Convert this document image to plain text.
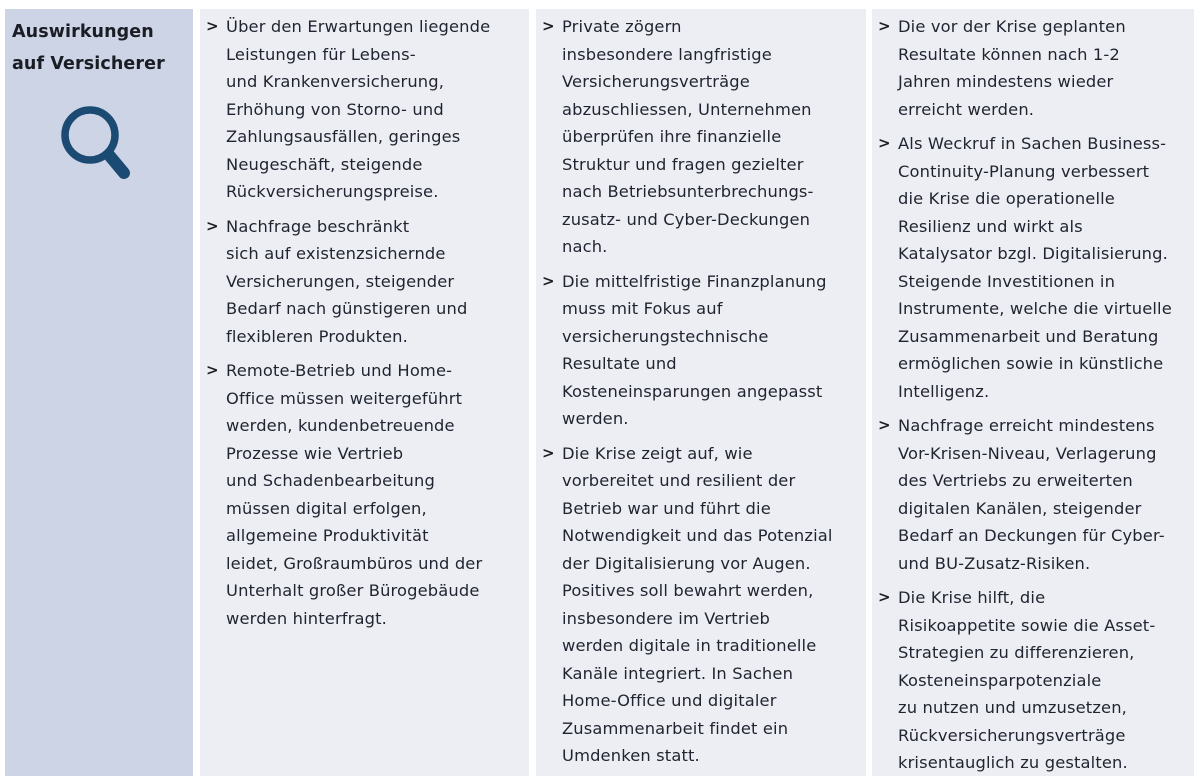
Auswirkungen
auf Versicherer
> Über den Erwartungen liegende
Leistungen für Lebens-
und Krankenversicherung,
Erhöhung von Storno- und
Zahlungsausfällen, geringes
Neugeschäft, steigende
Rückversicherungspreise.
> Nachfrage beschränkt
sich auf existenzsichernde
Versicherungen, steigender
Bedarf nach günstigeren und
flexibleren Produkten.
> Remote-Betrieb und Home-
Office müssen weitergeführt
werden, kundenbetreuende
Prozesse wie Vertrieb
und Schadenbearbeitung
müssen digital erfolgen,
allgemeine Produktivität
leidet, Großraumbüros und der
Unterhalt großer Bürogebäude
werden hinterfragt.
> Private zögern
insbesondere langfristige
Versicherungsverträge
abzuschliessen, Unternehmen
überprüfen ihre finanzielle
Struktur und fragen gezielter
nach Betriebsunterbrechungs-
zusatz- und Cyber-Deckungen
nach.
> Die mittelfristige Finanzplanung
muss mit Fokus auf
versicherungstechnische
Resultate und
Kosteneinsparungen angepasst
werden.
> Die Krise zeigt auf, wie
vorbereitet und resilient der
Betrieb war und führt die
Notwendigkeit und das Potenzial
der Digitalisierung vor Augen.
Positives soll bewahrt werden,
insbesondere im Vertrieb
werden digitale in traditionelle
Kanäle integriert. In Sachen
Home-Office und digitaler
Zusammenarbeit findet ein
Umdenken statt.
> Die vor der Krise geplanten
Resultate können nach 1-2
Jahren mindestens wieder
erreicht werden.
> Als Weckruf in Sachen Business-
Continuity-Planung verbessert
die Krise die operationelle
Resilienz und wirkt als
Katalysator bzgl. Digitalisierung.
Steigende Investitionen in
Instrumente, welche die virtuelle
Zusammenarbeit und Beratung
ermöglichen sowie in künstliche
Intelligenz.
> Nachfrage erreicht mindestens
Vor-Krisen-Niveau, Verlagerung
des Vertriebs zu erweiterten
digitalen Kanälen, steigender
Bedarf an Deckungen für Cyber-
und BU-Zusatz-Risiken.
> Die Krise hilft, die
Risikoappetite sowie die Asset-
Strategien zu differenzieren,
Kosteneinsparpotenziale
zu nutzen und umzusetzen,
Rückversicherungsverträge
krisentauglich zu gestalten.
